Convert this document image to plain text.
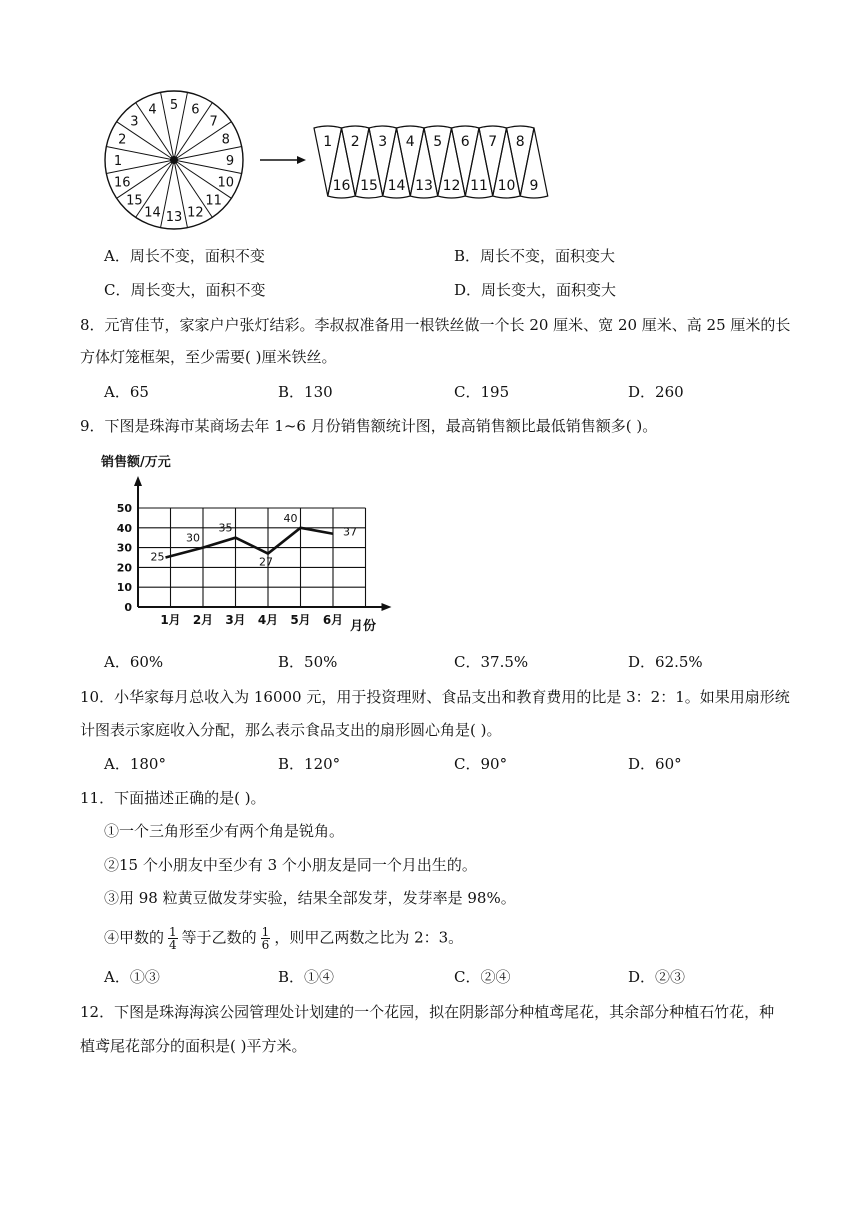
1
2
3
4 5 6
7
8
9
10
11
12
13
14
15
16
1 2 3 4 5 6 7 8
16 15 14 13 12 11 10 9
A．周长不变，面积不变	B．周长不变，面积变大
C．周长变大，面积不变	D．周长变大，面积变大
8．元宵佳节，家家户户张灯结彩。李叔叔准备用一根铁丝做一个长 20 厘米、宽 20 厘米、高 25 厘米的长
方体灯笼框架，至少需要( )厘米铁丝。
A．65	B．130	C．195	D．260
9．下图是珠海市某商场去年 1~6 月份销售额统计图，最高销售额比最低销售额多( )。
销售额/万元
月份
0
10
20
30
40
50
1月 2月 3月 4月 5月 6月
25
30
35
27
40
37
A．60%	B．50%	C．37.5%	D．62.5%
10．小华家每月总收入为 16000 元，用于投资理财、食品支出和教育费用的比是 3：2：1。如果用扇形统
计图表示家庭收入分配，那么表示食品支出的扇形圆心角是( )。
A．180°	B．120°	C．90°	D．60°
11．下面描述正确的是( )。
①一个三角形至少有两个角是锐角。
②15 个小朋友中至少有 3 个小朋友是同一个月出生的。
③用 98 粒黄豆做发芽实验，结果全部发芽，发芽率是 98%。
④甲数的 $\frac{1}{4}$ 等于乙数的 $\frac{1}{6}$ ，则甲乙两数之比为 2：3。
A．①③	B．①④	C．②④	D．②③
12．下图是珠海海滨公园管理处计划建的一个花园，拟在阴影部分种植鸢尾花，其余部分种植石竹花，种
植鸢尾花部分的面积是( )平方米。
